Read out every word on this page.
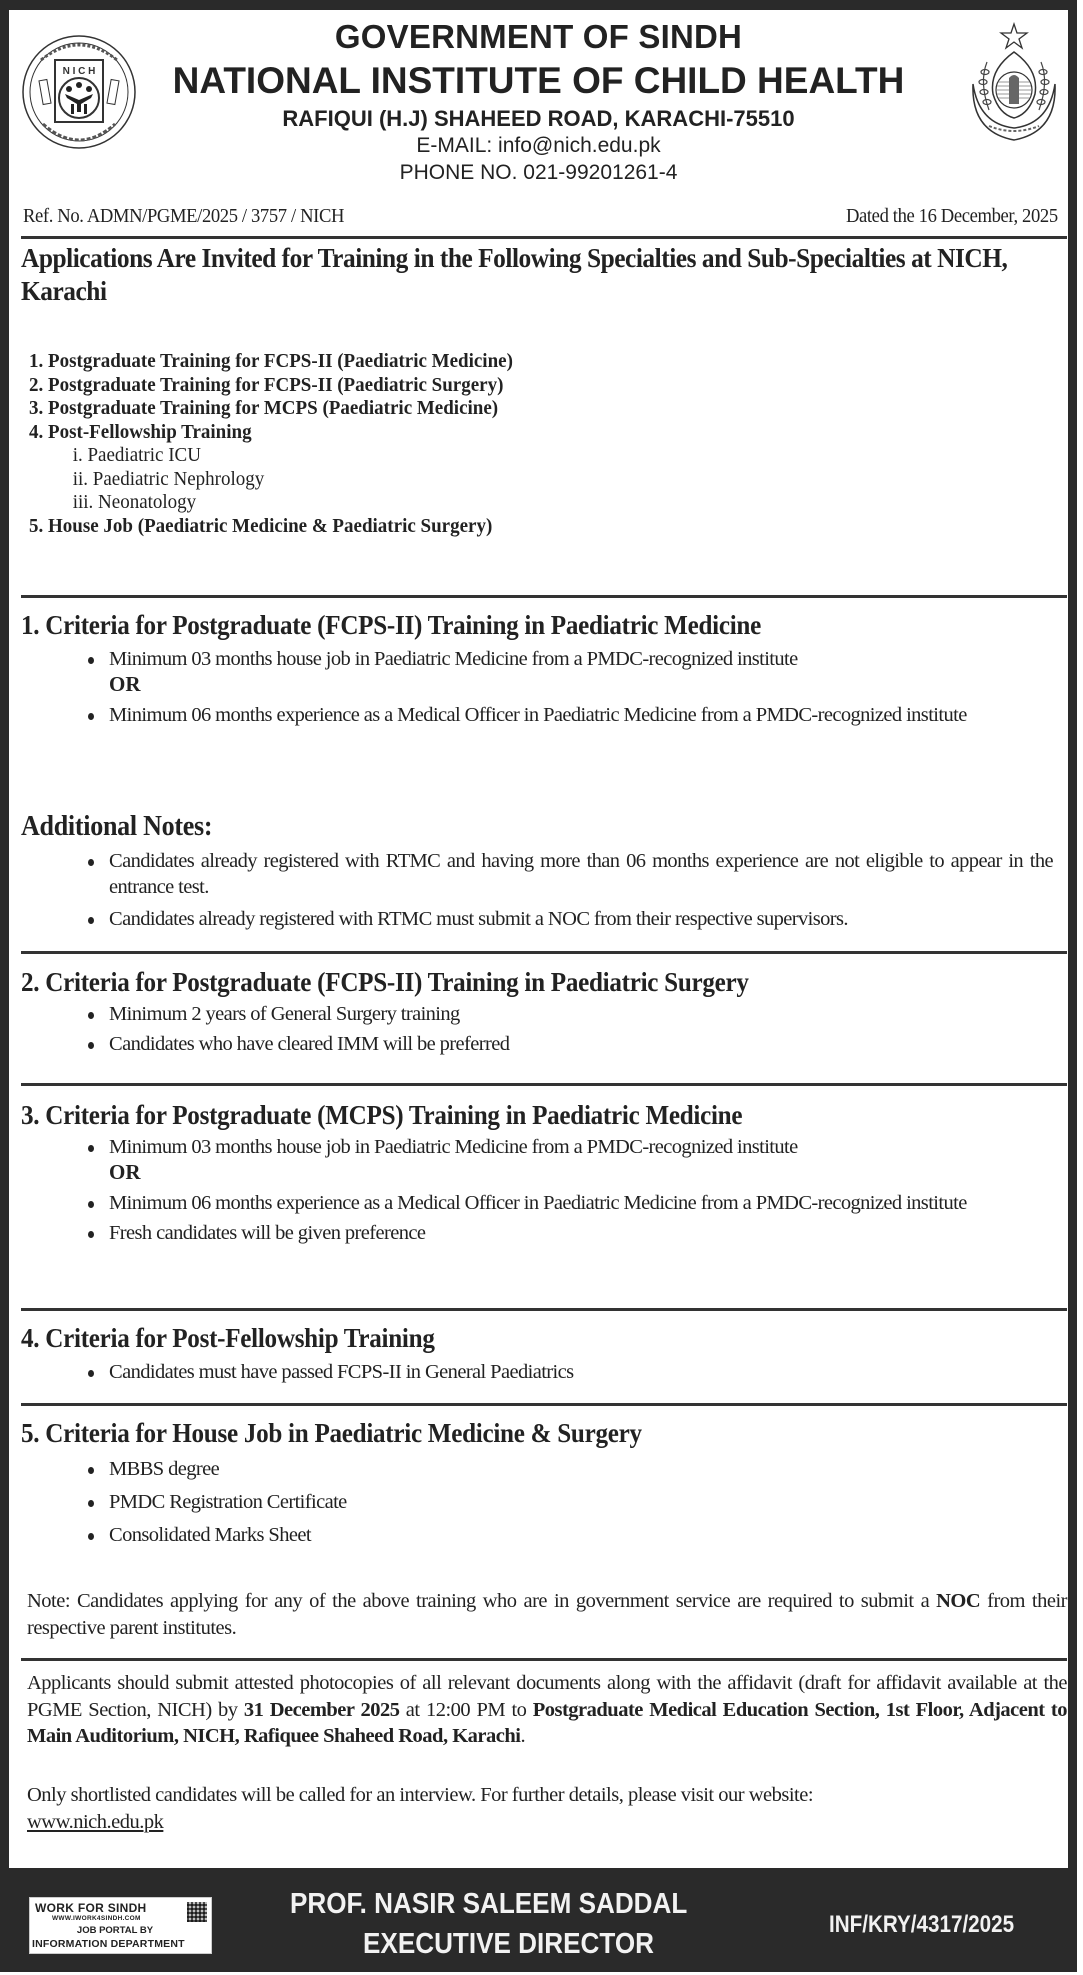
N I C H
GOVERNMENT OF SINDH
NATIONAL INSTITUTE OF CHILD HEALTH
RAFIQUI (H.J) SHAHEED ROAD, KARACHI-75510
E-MAIL: info@nich.edu.pk
PHONE NO. 021-99201261-4
Ref. No. ADMN/PGME/2025 / 3757 / NICH	Dated the 16 December, 2025
Applications Are Invited for Training in the Following Specialties and Sub-Specialties at NICH, Karachi
1. Postgraduate Training for FCPS-II (Paediatric Medicine)
2. Postgraduate Training for FCPS-II (Paediatric Surgery)
3. Postgraduate Training for MCPS (Paediatric Medicine)
4. Post-Fellowship Training
i. Paediatric ICU
ii. Paediatric Nephrology
iii. Neonatology
5. House Job (Paediatric Medicine & Paediatric Surgery)
1. Criteria for Postgraduate (FCPS-II) Training in Paediatric Medicine
Minimum 03 months house job in Paediatric Medicine from a PMDC-recognized institute
OR
Minimum 06 months experience as a Medical Officer in Paediatric Medicine from a PMDC-recognized institute
Additional Notes:
Candidates already registered with RTMC and having more than 06 months experience are not eligible to appear in the entrance test.
Candidates already registered with RTMC must submit a NOC from their respective supervisors.
2. Criteria for Postgraduate (FCPS-II) Training in Paediatric Surgery
Minimum 2 years of General Surgery training
Candidates who have cleared IMM will be preferred
3. Criteria for Postgraduate (MCPS) Training in Paediatric Medicine
Minimum 03 months house job in Paediatric Medicine from a PMDC-recognized institute
OR
Minimum 06 months experience as a Medical Officer in Paediatric Medicine from a PMDC-recognized institute
Fresh candidates will be given preference
4. Criteria for Post-Fellowship Training
Candidates must have passed FCPS-II in General Paediatrics
5. Criteria for House Job in Paediatric Medicine & Surgery
MBBS degree
PMDC Registration Certificate
Consolidated Marks Sheet
Note: Candidates applying for any of the above training who are in government service are required to submit a NOC from their respective parent institutes.
Applicants should submit attested photocopies of all relevant documents along with the affidavit (draft for affidavit available at the PGME Section, NICH) by 31 December 2025 at 12:00 PM to Postgraduate Medical Education Section, 1st Floor, Adjacent to Main Auditorium, NICH, Rafiquee Shaheed Road, Karachi.
Only shortlisted candidates will be called for an interview. For further details, please visit our website:
www.nich.edu.pk
WORK FOR SINDH
WWW.IWORK4SINDH.COM
JOB PORTAL BY
INFORMATION DEPARTMENT
PROF. NASIR SALEEM SADDAL
EXECUTIVE DIRECTOR
INF/KRY/4317/2025
